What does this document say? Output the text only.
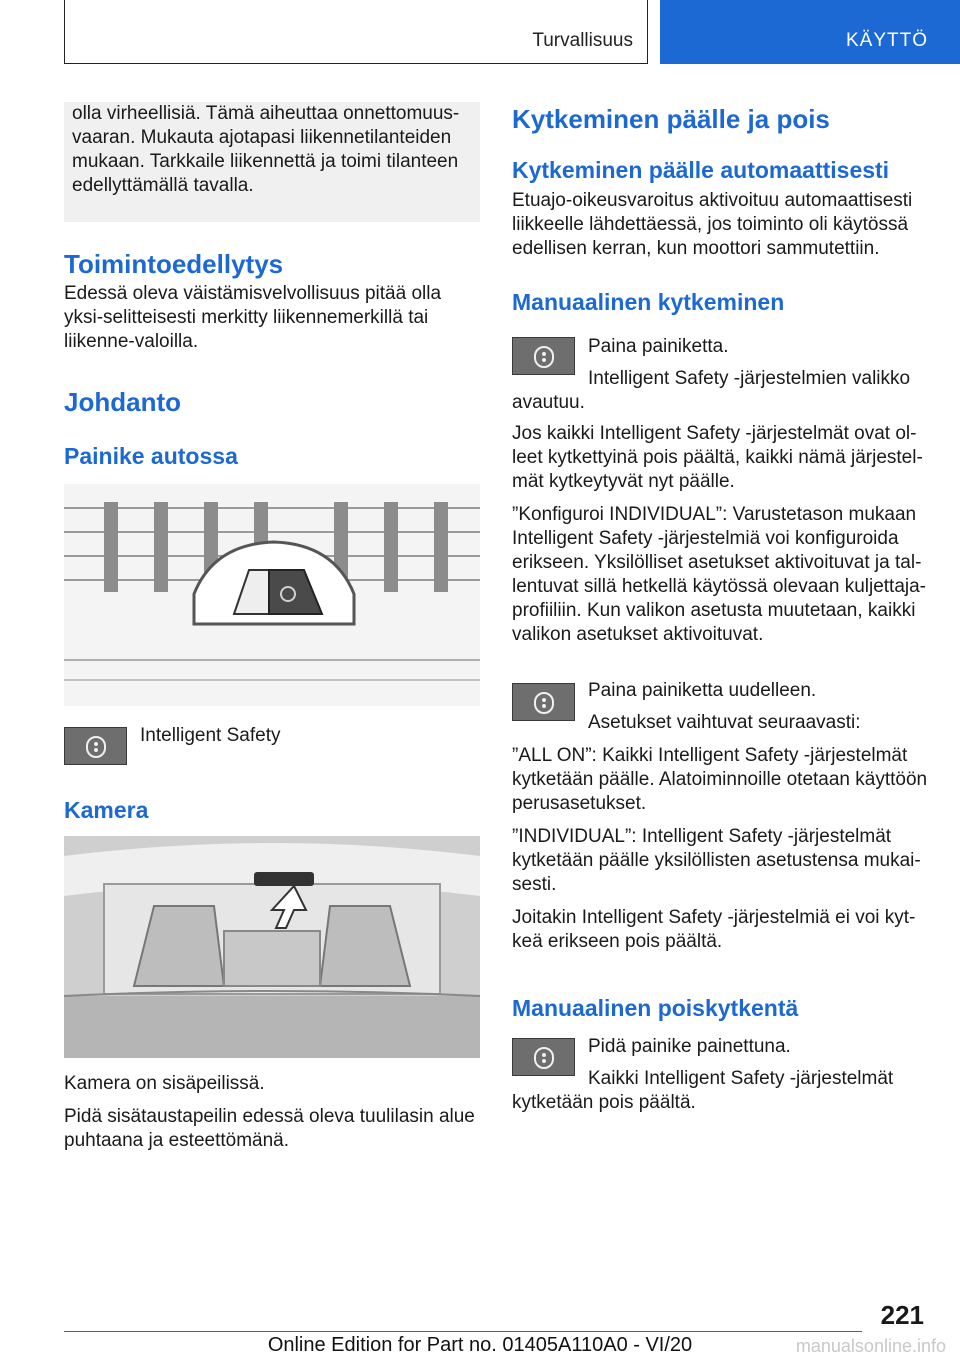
Turvallisuus	KÄYTTÖ

olla virheellisiä. Tämä aiheuttaa onnettomuus-

vaaran. Mukauta ajotapasi liikennetilanteiden

mukaan. Tarkkaile liikennettä ja toimi tilanteen

edellyttämällä tavalla.

Toimintoedellytys

Edessä oleva väistämisvelvollisuus pitää olla yksi-selitteisesti merkitty liikennemerkillä tai liikenne-valoilla.

Johdanto
Painike autossa
Intelligent Safety
Kamera

Kamera on sisäpeilissä.

Pidä sisätaustapeilin edessä oleva tuulilasin alue puhtaana ja esteettömänä.

Kytkeminen päälle ja pois
Kytkeminen päälle automaattisesti

Etuajo-oikeusvaroitus aktivoituu automaattisesti liikkeelle lähdettäessä, jos toiminto oli käytössä edellisen kerran, kun moottori sammutettiin.

Manuaalinen kytkeminen
Paina painiketta.
Intelligent Safety -järjestelmien valikko avautuu.

Jos kaikki Intelligent Safety -järjestelmät ovat ol-leet kytkettyinä pois päältä, kaikki nämä järjestel-mät kytkeytyvät nyt päälle.

”Konfiguroi INDIVIDUAL”: Varustetason mukaan Intelligent Safety -järjestelmiä voi konfiguroida erikseen. Yksilölliset asetukset aktivoituvat ja tal-lentuvat sillä hetkellä käytössä olevaan kuljettaja-profiiliin. Kun valikon asetusta muutetaan, kaikki valikon asetukset aktivoituvat.

Paina painiketta uudelleen.
Asetukset vaihtuvat seuraavasti:

”ALL ON”: Kaikki Intelligent Safety -järjestelmät kytketään päälle. Alatoiminnoille otetaan käyttöön perusasetukset.

”INDIVIDUAL”: Intelligent Safety -järjestelmät kytketään päälle yksilöllisten asetustensa mukai-sesti.

Joitakin Intelligent Safety -järjestelmiä ei voi kyt-keä erikseen pois päältä.

Manuaalinen poiskytkentä
Pidä painike painettuna.
Kaikki Intelligent Safety -järjestelmät kytketään pois päältä.
221
Online Edition for Part no. 01405A110A0 - VI/20	manualsonline.info
